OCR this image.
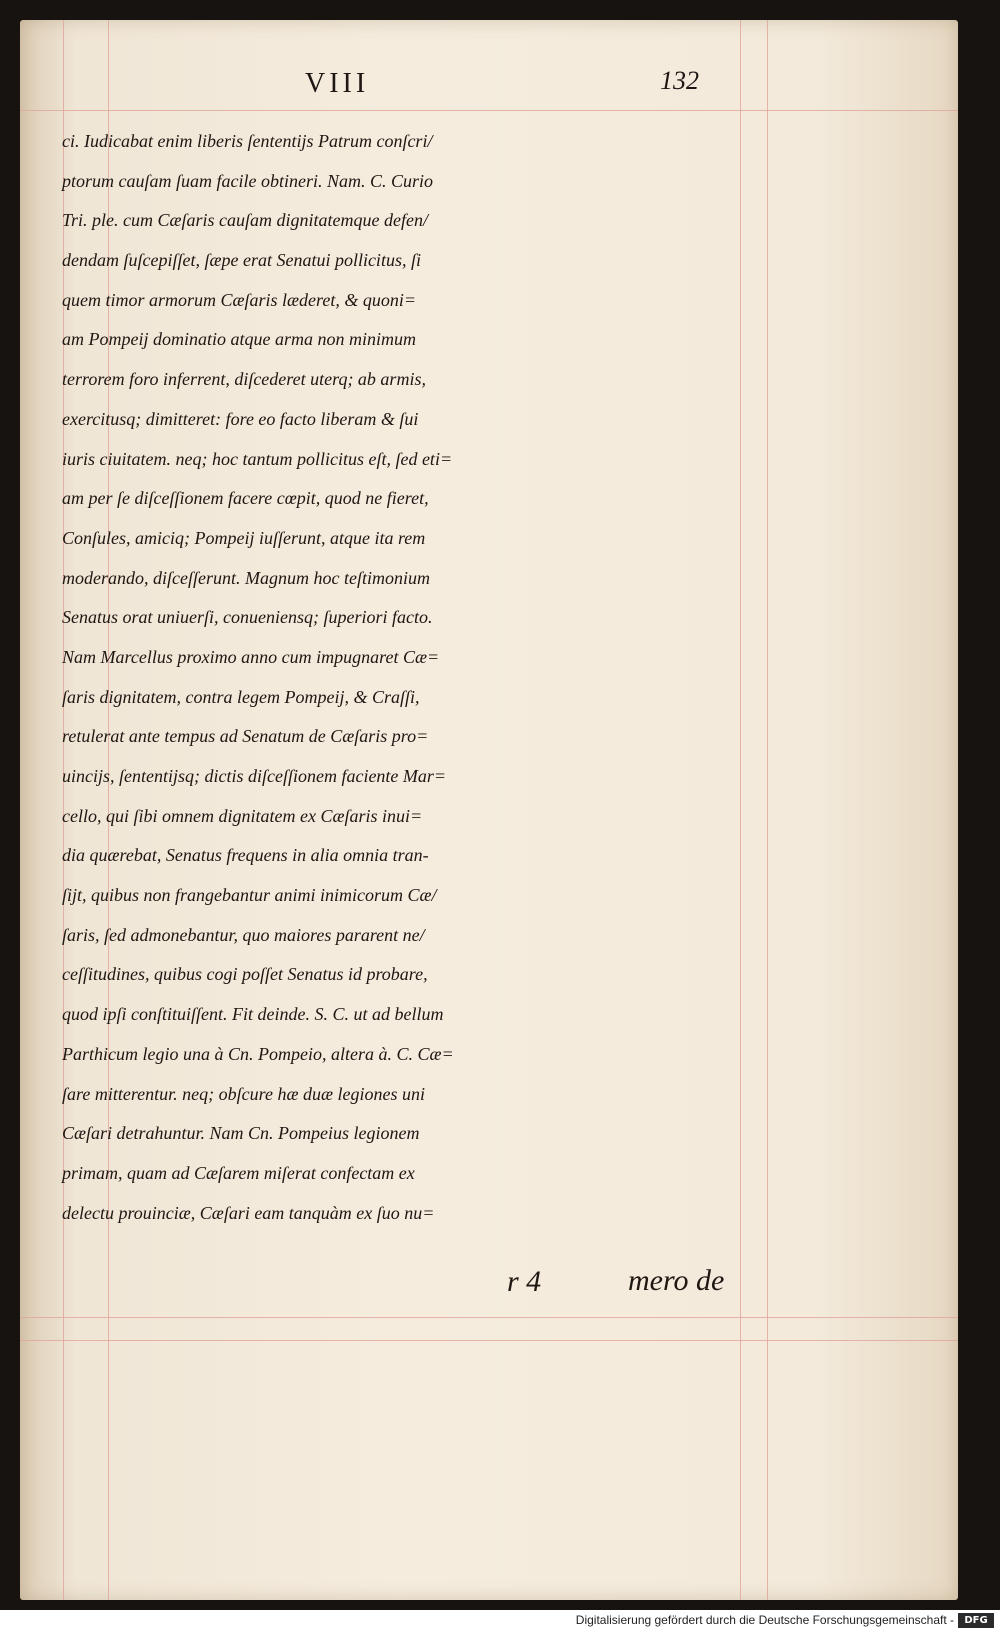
VIII	132
ci. Iudicabat enim liberis ſententijs Patrum conſcri/
ptorum cauſam ſuam facile obtineri. Nam. C. Curio
Tri. ple. cum Cæſaris cauſam dignitatemque defen/
dendam ſuſcepiſſet, ſæpe erat Senatui pollicitus, ſi
quem timor armorum Cæſaris læderet, & quoni=
am Pompeij dominatio atque arma non minimum
terrorem foro inferrent, diſcederet uterq; ab armis,
exercitusq; dimitteret: fore eo facto liberam & ſui
iuris ciuitatem. neq; hoc tantum pollicitus eſt, ſed eti=
am per ſe diſceſſionem facere cœpit, quod ne fieret,
Conſules, amiciq; Pompeij iuſſerunt, atque ita rem
moderando, diſceſſerunt. Magnum hoc teſtimonium
Senatus orat uniuerſi, conueniensq; ſuperiori facto.
Nam Marcellus proximo anno cum impugnaret Cæ=
ſaris dignitatem, contra legem Pompeij, & Craſſi,
retulerat ante tempus ad Senatum de Cæſaris pro=
uincijs, ſententijsq; dictis diſceſſionem faciente Mar=
cello, qui ſibi omnem dignitatem ex Cæſaris inui=
dia quærebat, Senatus frequens in alia omnia tran-
ſijt, quibus non frangebantur animi inimicorum Cæ/
ſaris, ſed admonebantur, quo maiores pararent ne/
ceſſitudines, quibus cogi poſſet Senatus id probare,
quod ipſi conſtituiſſent. Fit deinde. S. C. ut ad bellum
Parthicum legio una à Cn. Pompeio, altera à. C. Cæ=
ſare mitterentur. neq; obſcure hæ duæ legiones uni
Cæſari detrahuntur. Nam Cn. Pompeius legionem
primam, quam ad Cæſarem miſerat confectam ex
delectu prouinciæ, Cæſari eam tanquàm ex ſuo nu=
r 4	mero de
Digitalisierung gefördert durch die Deutsche Forschungsgemeinschaft -	DFG
